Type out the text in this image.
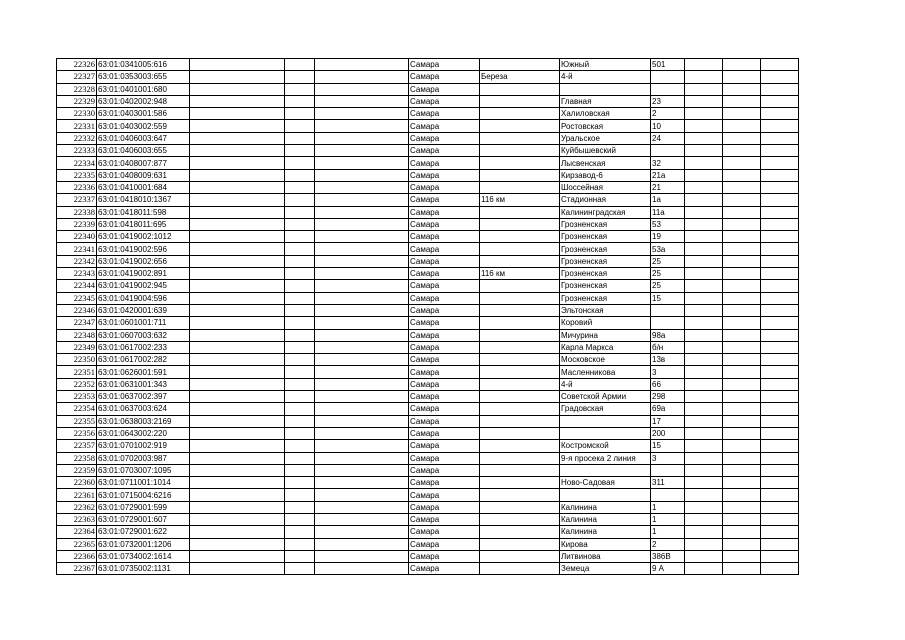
22326	63:01:0341005:616				Самара		Южный	501			
22327	63:01:0353003:655				Самара	Береза	4-й				
22328	63:01:0401001:680				Самара						
22329	63:01:0402002:948				Самара		Главная	23			
22330	63:01:0403001:586				Самара		Халиловская	2			
22331	63:01:0403002:559				Самара		Ростовская	10			
22332	63:01:0406003:647				Самара		Уральское	24			
22333	63:01:0406003:655				Самара		Куйбышевский				
22334	63:01:0408007:877				Самара		Лысвенская	32			
22335	63:01:0408009:631				Самара		Кирзавод-6	21а			
22336	63:01:0410001:684				Самара		Шоссейная	21			
22337	63:01:0418010:1367				Самара	116 км	Стадионная	1а			
22338	63:01:0418011:598				Самара		Калининградская	11а			
22339	63:01:0418011:695				Самара		Грозненская	53			
22340	63:01:0419002:1012				Самара		Грозненская	19			
22341	63:01:0419002:596				Самара		Грозненская	53а			
22342	63:01:0419002:656				Самара		Грозненская	25			
22343	63:01:0419002:891				Самара	116 км	Грозненская	25			
22344	63:01:0419002:945				Самара		Грозненская	25			
22345	63:01:0419004:596				Самара		Грозненская	15			
22346	63:01:0420001:639				Самара		Эльтонская				
22347	63:01:0601001:711				Самара		Коровий				
22348	63:01:0607003:632				Самара		Мичурина	98а			
22349	63:01:0617002:233				Самара		Карла Маркса	б/н			
22350	63:01:0617002:282				Самара		Московское	13в			
22351	63:01:0626001:591				Самара		Масленникова	3			
22352	63:01:0631001:343				Самара		4-й	66			
22353	63:01:0637002:397				Самара		Советской Армии	298			
22354	63:01:0637003:624				Самара		Градовская	69а			
22355	63:01:0638003:2169				Самара			17			
22356	63:01:0643002:220				Самара			200			
22357	63:01:0701002:919				Самара		Костромской	15			
22358	63:01:0702003:987				Самара		9-я просека 2 линия	3			
22359	63:01:0703007:1095				Самара						
22360	63:01:0711001:1014				Самара		Ново-Садовая	311			
22361	63:01:0715004:6216				Самара						
22362	63:01:0729001:599				Самара		Калинина	1			
22363	63:01:0729001:607				Самара		Калинина	1			
22364	63:01:0729001:622				Самара		Калинина	1			
22365	63:01:0732001:1206				Самара		Кирова	2			
22366	63:01:0734002:1614				Самара		Литвинова	386В			
22367	63:01:0735002:1131				Самара		Земеца	9 А			
